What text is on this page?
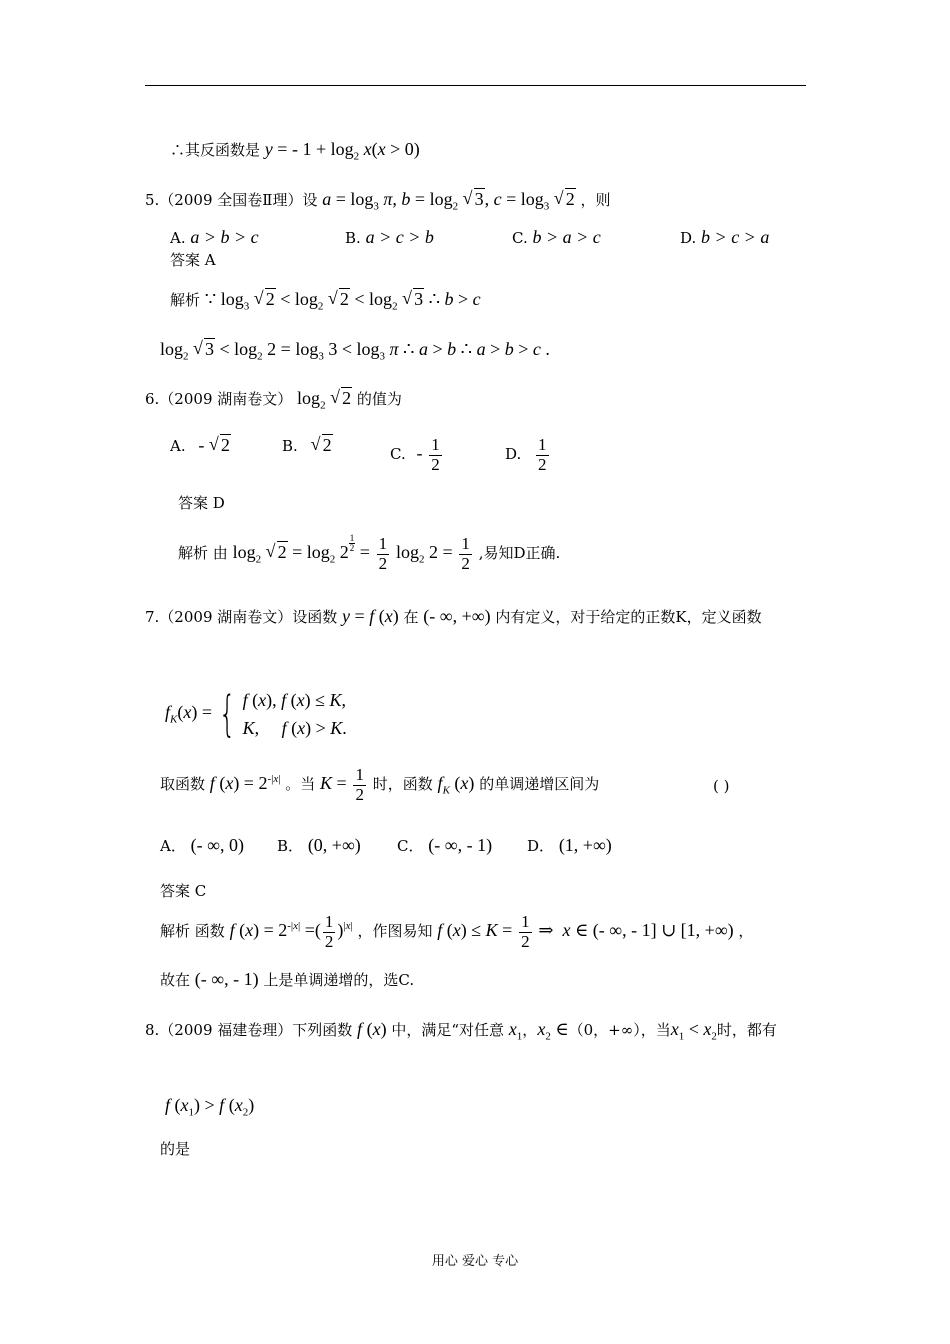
∴其反函数是 y = - $1 + \log_2 x(x > 0)$
5.（2009 全国卷Ⅱ理）设 $a = \log_3 \pi$, $b = \log_2$ √ 3, $c = \log_3$ √ 2 ，则
A. a > b > c	B. a > c > b	C. b > a > c	D. b > c > a
答案 A
解析 ∵ $\log_3$ √ $2 < \log_2$ √ $2 < \log_2$ √ 3 ∴ b > c
$\log_2$ √ $3 < \log_2 2 = \log_3 3 < \log_3 \pi$ ∴ a > b ∴ a > b > c .
6.（2009 湖南卷文） $\log_2$ √ 2 的值为
A. - √ 2	B. √ 2	C. - $\frac{1}{2}$	D. $\frac{1}{2}$
答案 D
解析 由 $\log_2$ √ $2 = \log_2 2 \frac{1}{2} = \frac{1}{2} \log_2 2 = \frac{1}{2}$ ,易知D正确.
7.（2009 湖南卷文）设函数 y = f (x) 在 (- ∞, +∞) 内有定义，对于给定的正数K，定义函数
$f_K(x)$ = { f (x), f (x) ≤ K,
K,     f (x) > K.
取函数 f $(x) = 2^{-|x|}$ 。当 $K = \frac{1}{2}$ 时，函数 $f_K$ (x) 的单调递增区间为	( )
A． (- ∞, 0) B． (0, +∞) C． (- ∞, - 1) D． (1, +∞)
答案 C
解析 函数 f $(x) = 2^{-|x|}$ =( $\frac{1}{2} )^{|x|}$ ，作图易知 f $(x) \le K = \frac{1}{2}$ ⇒  x ∈ (- ∞, - 1] ∪ [1, +∞) ，
故在 (- ∞, - 1) 上是单调递增的，选C.
8.（2009 福建卷理）下列函数 f (x) 中，满足“对任意 $x_1$，$x_2$ ∈（0，+∞），当$x_1 < x_2$时，都有
f $(x_1) > f$ $(x_2)$
的是
用心 爱心 专心
